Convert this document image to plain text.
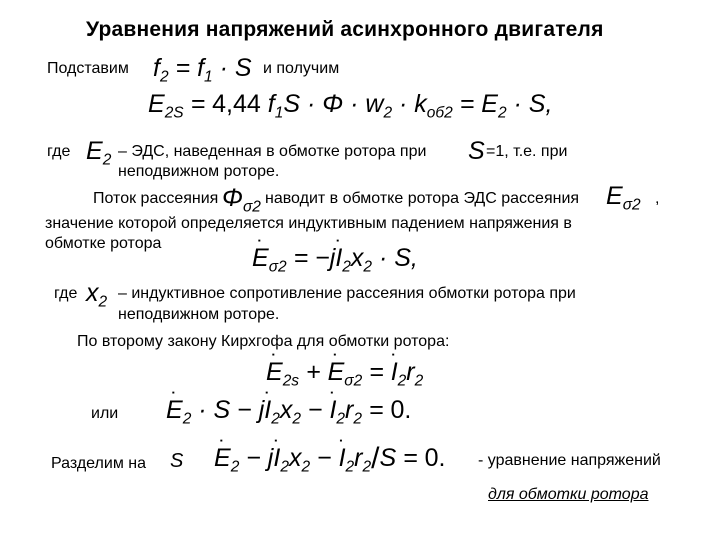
Уравнения напряжений асинхронного двигателя
Подставим $f_2 = f_1 \cdot S$ и получим
$E_{2S} = 4,44$ $f_1S \cdot \Phi \cdot w_2 \cdot k_{об2} = E_2 \cdot S$,
где $E_2$ – ЭДС, наведенная в обмотке ротора при S =1, т.е. при
неподвижном роторе.
Поток рассеяния $\Phi_{\sigma 2}$ наводит в обмотке ротора ЭДС рассеяния $E_{\sigma 2}$ ,
значение которой определяется индуктивным падением напряжения в
обмотке ротора
˙ $E_{\sigma 2}$ = −j˙ $I_2x_2 \cdot S$,
где $x_2$ – индуктивное сопротивление рассеяния обмотки ротора при
неподвижном роторе.
По второму закону Кирхгофа для обмотки ротора:
˙ $E_{2s}$ + ˙ $E_{\sigma 2}$ = ˙ $I_2r_2$
или ˙ $E_2 \cdot S$ − j˙ $I_2x_2$ − ˙ $I_2r_2 = 0$.
Разделим на S ˙ $E_2$ − j˙ $I_2x_2$ − ˙ $I_2r_2/S = 0$. - уравнение напряжений
для обмотки ротора
